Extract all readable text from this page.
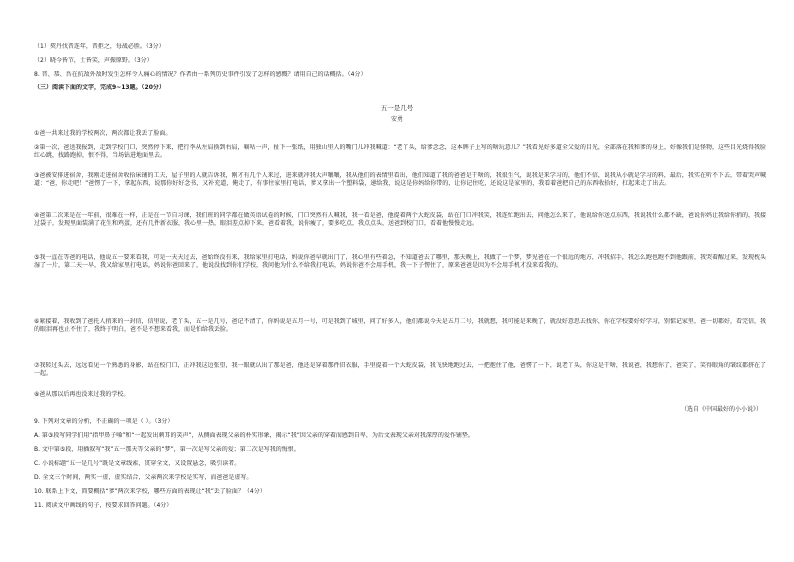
（1）契丹伐晋连年，晋拒之，每战必胜。（3分）
（2）晓今皆节，士皆笑，声振原野。（3分）
8. 晋、恭、吾在抗敌外敌时发生怎样令人痛心的情况？作者由一系列历史事件引发了怎样的感慨？请用自己的话概括。（4分）
（三）阅读下面的文字，完成9~13题。（20分）
五一是几号
安勇
①爸一共来过我的学校两次，两次都让我丢了脸面。
②第一次，爸送我报到，走到学校门口，突然停下来，把行李从左肩换到右肩，嘀咕一声，扯下一张纸，用独山里人的嘴门儿冲我喊道：“老丫头，给爹念念，这本牌子上写的啥玩意儿？”我看见好多道全父爱的目光，全部落在我和爹的身上，好像我们是怪物，这些目光烧得我脸红心跳，找路跑掉，恨不得，当场钻进地面里去。
③爸被安排进宿舍，我刚走进宿舍收拾床铺的工夫，屋子里的人就告诉我，刚才有几个人来过，进来就冲我大声嚷嚷，我从他们的表情里看出，他们知道了我的爸爸是干啥的，我很生气，说我是来学习的，他们不信，说我从小就是学习的料，最后，我实在听不下去，带着哭声喊道：“爸，你走吧！”爸愣了一下，拿起东西，说那你好好念书，又补充道，俺走了，有事往家里打电话，爹又拿出一个塑料袋，递给我，说这是你妈给你带的，让你记住吃，还说这是家里的，我看着爸把自己的东西收拾好，扛起来走了出去。
④爸第二次来是在一年前，很难在一样，正是在一节自习课，我们班的同学都在做英语试卷的时候，门口突然有人喊我，我一看是爸，他提着两个大蛇皮袋，站在门口冲我笑，我连忙跑出去，问他怎么来了，他说给你送点东西，我说我什么都不缺，爸说你妈让我给你捎的，我接过袋子，发现里面装满了花生和鸡蛋，还有几件新衣服，我心里一热，眼泪差点掉下来，爸看着我，说你瘦了，要多吃点，我点点头，送爸到校门口，看着他慢慢走远。
⑤我一直在等爸的电话，他说五一要来看我，可是一天天过去，爸始终没有来，我给家里打电话，妈说你爸早就出门了，我心里有些着急，不知道爸去了哪里，那天晚上，我做了一个梦，梦见爸在一个很远的地方，冲我招手，我怎么跑也跑不到他跟前，我哭着醒过来，发现枕头湿了一片，第二天一早，我又给家里打电话，妈说你爸回来了，他说没找到你们学校，我问他为什么不给我打电话，妈说你爸不会用手机，我一下子愣住了，原来爸爸是因为不会用手机才没来看我的。
⑥紧接着，我收到了爸托人捎来的一封信，信里说，老丫头，五一是几号，爸记不清了，你妈说是五月一号，可是我到了城里，问了好多人，他们都说今天是五月二号，我就想，我可能是来晚了，就没好意思去找你，你在学校要好好学习，别惦记家里，爸一切都好，看完信，我的眼泪再也止不住了，我终于明白，爸不是不想来看我，而是怕给我丢脸。
⑦我转过头去，远远看见一个熟悉的身影，站在校门口，正冲我这边张望，我一眼就认出了那是爸，他还是穿着那件旧衣服，手里提着一个大蛇皮袋，我飞快地跑过去，一把抱住了他，爸愣了一下，说老丫头，你这是干啥，我说爸，我想你了，爸笑了，笑得眼角的皱纹都挤在了一起。
⑧爸从那以后再也没来过我的学校。
（选自《中国最好的小小说》）
9. 下列对文章的分析，不正确的一项是（ ）。（3分）
A. 第③段写同学们用“指甲鼻子嗓”和“一起发出刺耳的笑声”，从侧面表现父亲的朴实形象，揭示“我”因父亲的穿着而感到自卑，为后文表现父亲对我深厚的爱作铺垫。
B. 文中第⑤段，用插叙写“我”五一那天等父亲的“梦”，第一次是写父亲的爱；第二次是写我的悔恨。
C. 小说标题“五一是几号”既是文章线索，贯穿全文，又设置悬念，吸引读者。
D. 全文三个时间，两实一虚，虚实结合，父亲两次来学校是实写，而爸爸是虚写。
10. 联系上下文，简要概括“爹”两次来学校，哪些方面的表现让“我”丢了脸面？（4分）
11. 阅读文中画线的句子，按要求回答问题。（4分）
